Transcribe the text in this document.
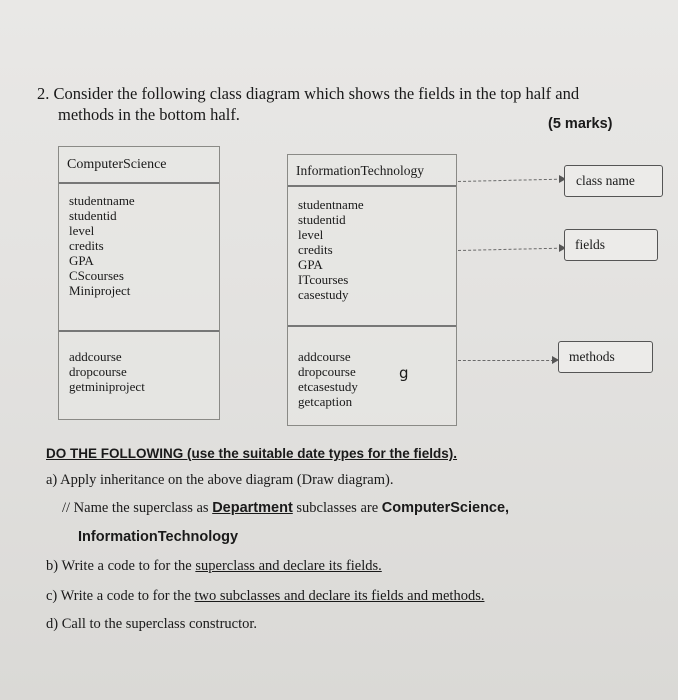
2. Consider the following class diagram which shows the fields in the top half and
methods in the bottom half.	(5 marks)
ComputerScience
studentname
studentid
level
credits
GPA
CScourses
Miniproject
addcourse
dropcourse
getminiproject
InformationTechnology
studentname
studentid
level
credits
GPA
ITcourses
casestudy
addcourse
dropcourse
etcasestudy
getcaption
g
class name
fields
methods
DO THE FOLLOWING (use the suitable date types for the fields).
a) Apply inheritance on the above diagram (Draw diagram).
// Name the superclass as Department subclasses are ComputerScience,
InformationTechnology
b) Write a code to for the superclass and declare its fields.
c) Write a code to for the two subclasses and declare its fields and methods.
d) Call to the superclass constructor.
